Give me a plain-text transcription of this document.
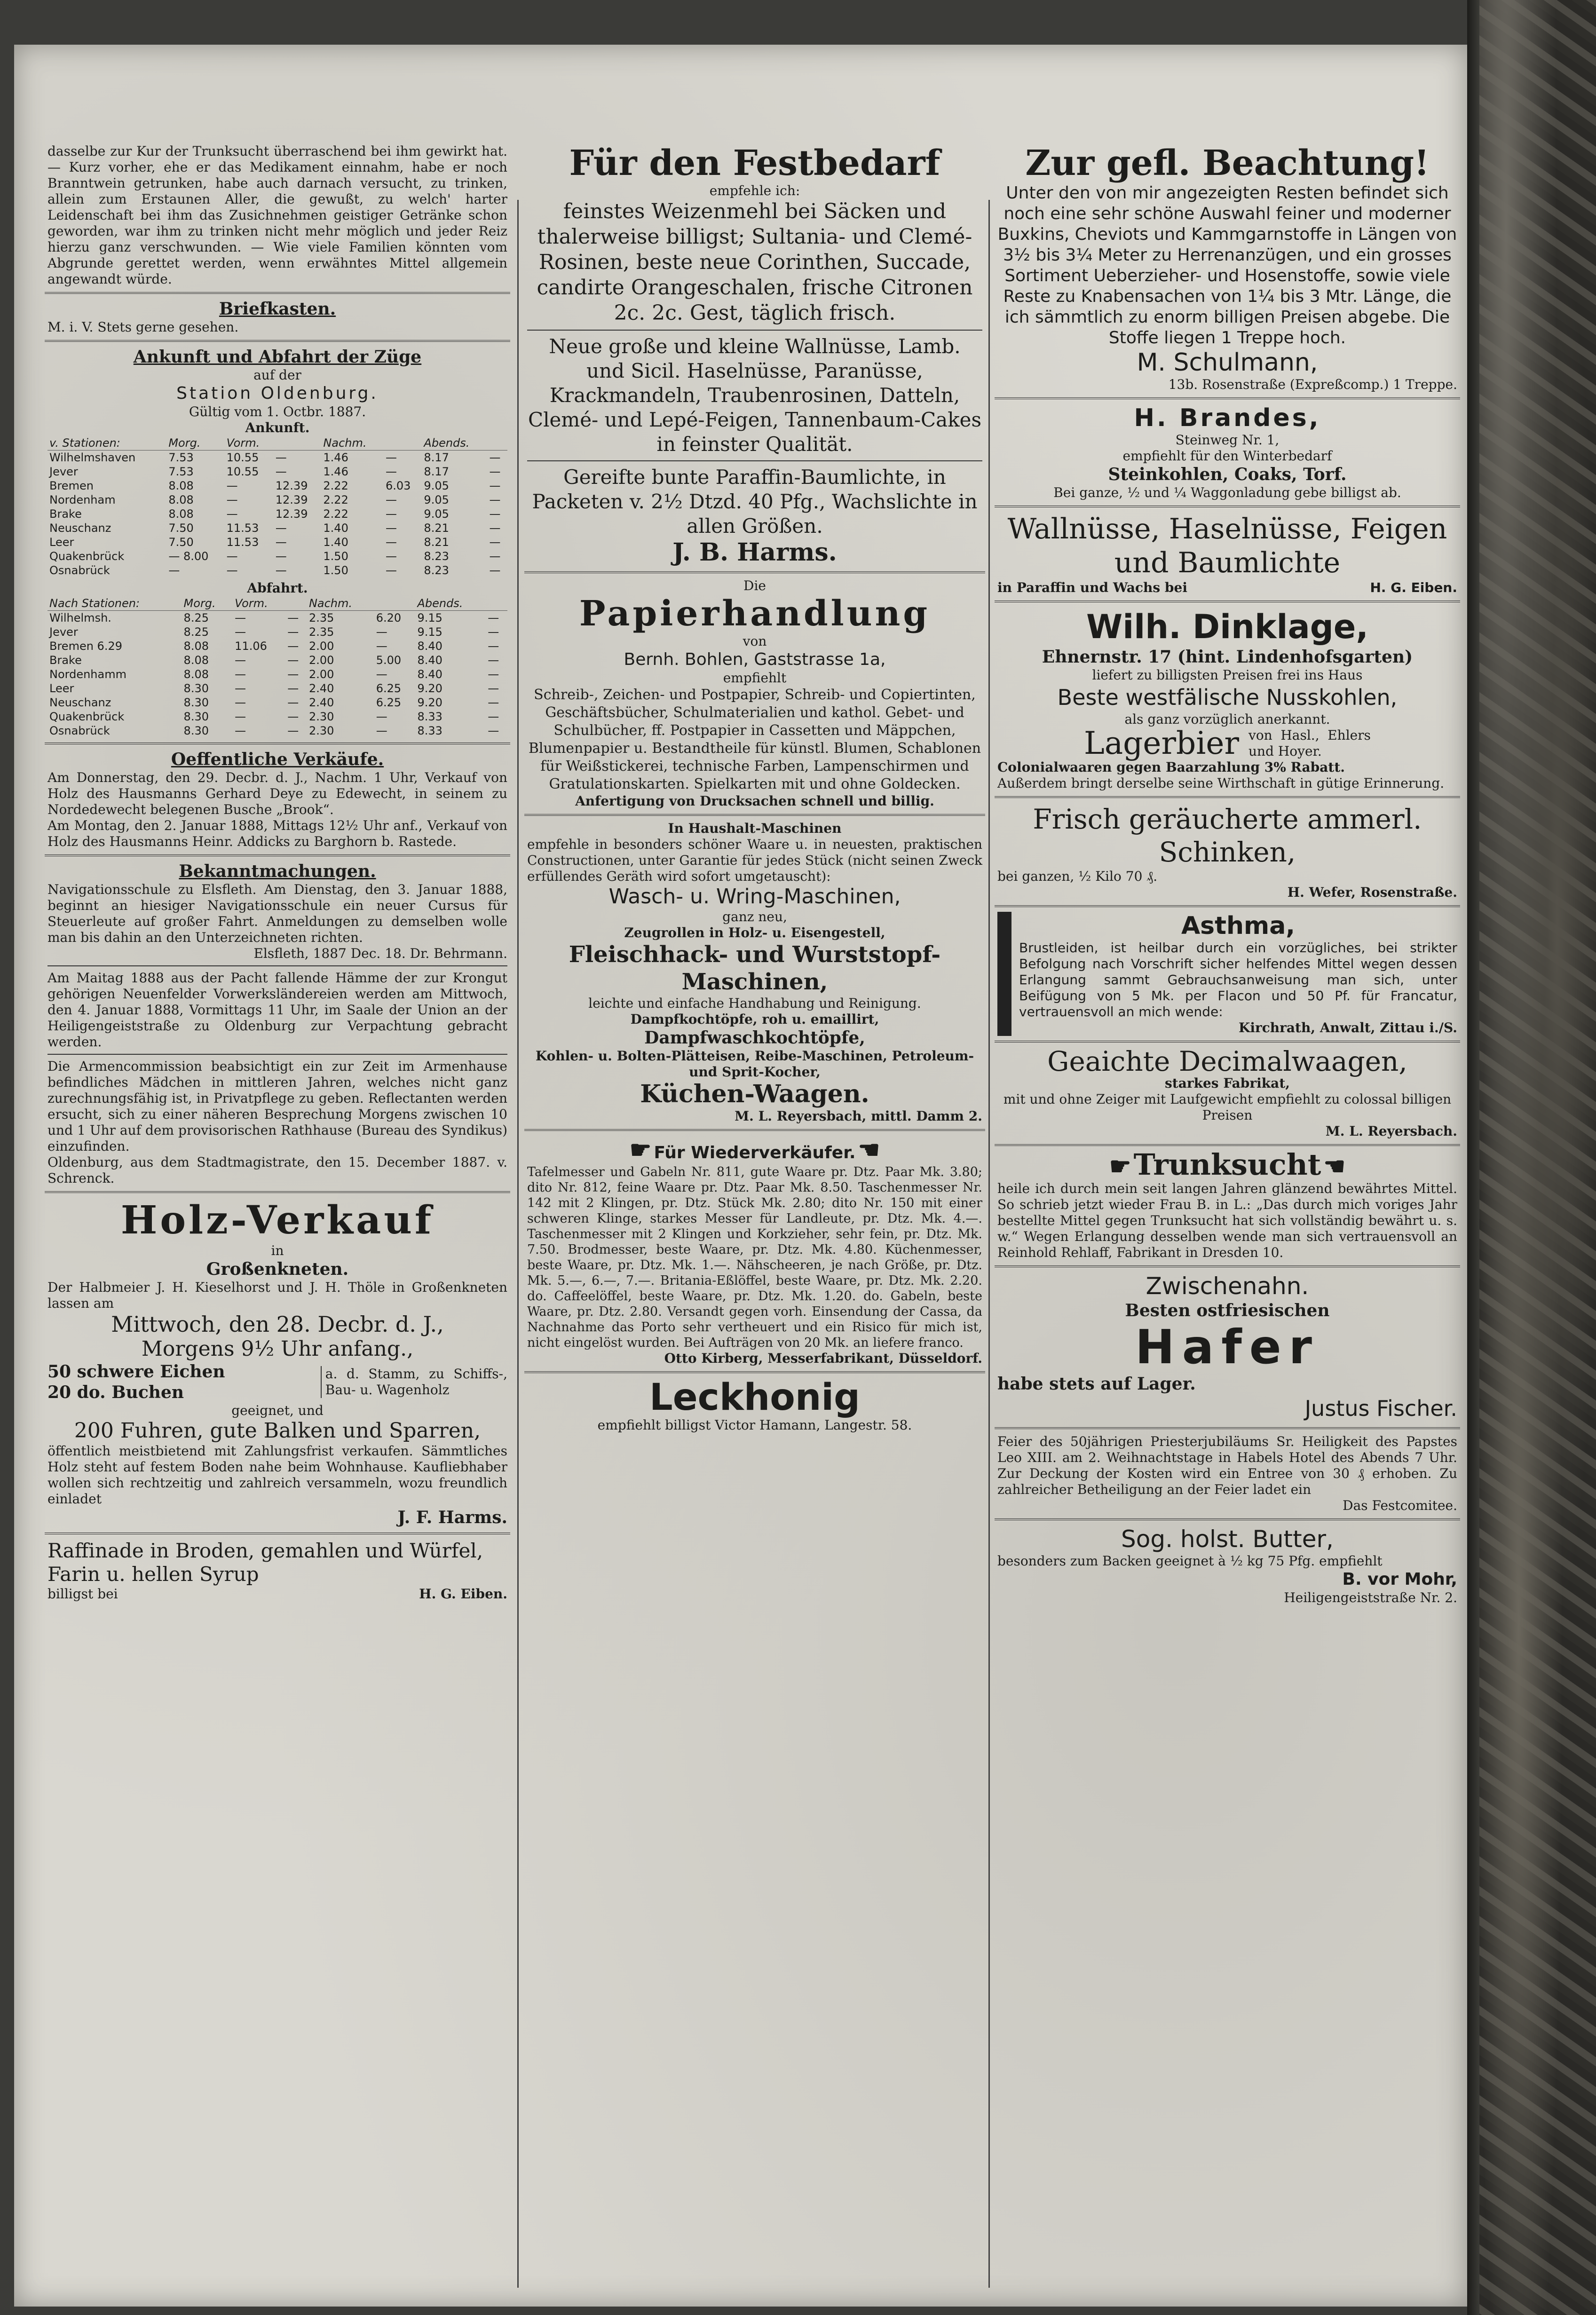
dasselbe zur Kur der Trunksucht überraschend bei ihm gewirkt hat. — Kurz vorher, ehe er das Medikament einnahm, habe er noch Branntwein getrunken, habe auch darnach versucht, zu trinken, allein zum Erstaunen Aller, die gewußt, zu welch' harter Leidenschaft bei ihm das Zusichnehmen geistiger Getränke schon geworden, war ihm zu trinken nicht mehr möglich und jeder Reiz hierzu ganz verschwunden. — Wie viele Familien könnten vom Abgrunde gerettet werden, wenn erwähntes Mittel allgemein angewandt würde.
Briefkasten.
M. i. V. Stets gerne gesehen.
Ankunft und Abfahrt der Züge
auf der
Station Oldenburg.
Gültig vom 1. Octbr. 1887.
Ankunft.
v. Stationen:	Morg.	Vorm.		Nachm.		Abends.	
Wilhelmshaven	7.53	10.55	—	1.46	—	8.17	—
Jever	7.53	10.55	—	1.46	—	8.17	—
Bremen	8.08	—	12.39	2.22	6.03	9.05	—
Nordenham	8.08	—	12.39	2.22	—	9.05	—
Brake	8.08	—	12.39	2.22	—	9.05	—
Neuschanz	7.50	11.53	—	1.40	—	8.21	—
Leer	7.50	11.53	—	1.40	—	8.21	—
Quakenbrück	— 8.00	—	—	1.50	—	8.23	—
Osnabrück	—	—	—	1.50	—	8.23	—
Abfahrt.
Nach Stationen:	Morg.	Vorm.		Nachm.		Abends.	
Wilhelmsh.	8.25	—	—	2.35	6.20	9.15	—
Jever	8.25	—	—	2.35	—	9.15	—
Bremen 6.29	8.08	11.06	—	2.00	—	8.40	—
Brake	8.08	—	—	2.00	5.00	8.40	—
Nordenhamm	8.08	—	—	2.00	—	8.40	—
Leer	8.30	—	—	2.40	6.25	9.20	—
Neuschanz	8.30	—	—	2.40	6.25	9.20	—
Quakenbrück	8.30	—	—	2.30	—	8.33	—
Osnabrück	8.30	—	—	2.30	—	8.33	—
Oeffentliche Verkäufe.
Am Donnerstag, den 29. Decbr. d. J., Nachm. 1 Uhr, Verkauf von Holz des Hausmanns Gerhard Deye zu Edewecht, in seinem zu Nordedewecht belegenen Busche „Brook“.
Am Montag, den 2. Januar 1888, Mittags 12½ Uhr anf., Verkauf von Holz des Hausmanns Heinr. Addicks zu Barghorn b. Rastede.
Bekanntmachungen.
Navigationsschule zu Elsfleth. Am Dienstag, den 3. Januar 1888, beginnt an hiesiger Navigationsschule ein neuer Cursus für Steuerleute auf großer Fahrt. Anmeldungen zu demselben wolle man bis dahin an den Unterzeichneten richten.
Elsfleth, 1887 Dec. 18. Dr. Behrmann.
Am Maitag 1888 aus der Pacht fallende Hämme der zur Krongut gehörigen Neuenfelder Vorwerksländereien werden am Mittwoch, den 4. Januar 1888, Vormittags 11 Uhr, im Saale der Union an der Heiligengeiststraße zu Oldenburg zur Verpachtung gebracht werden.
Die Armencommission beabsichtigt ein zur Zeit im Armenhause befindliches Mädchen in mittleren Jahren, welches nicht ganz zurechnungsfähig ist, in Privatpflege zu geben. Reflectanten werden ersucht, sich zu einer näheren Besprechung Morgens zwischen 10 und 1 Uhr auf dem provisorischen Rathhause (Bureau des Syndikus) einzufinden.
Oldenburg, aus dem Stadtmagistrate, den 15. December 1887. v. Schrenck.
Holz-Verkauf
in
Großenkneten.
Der Halbmeier J. H. Kieselhorst und J. H. Thöle in Großenkneten lassen am
Mittwoch, den 28. Decbr. d. J.,
Morgens 9½ Uhr anfang.,
50 schwere Eichen
20 do. Buchen
a. d. Stamm, zu Schiffs-, Bau- u. Wagenholz
geeignet, und
200 Fuhren, gute Balken und Sparren,
öffentlich meistbietend mit Zahlungsfrist verkaufen. Sämmtliches Holz steht auf festem Boden nahe beim Wohnhause. Kaufliebhaber wollen sich rechtzeitig und zahlreich versammeln, wozu freundlich einladet
J. F. Harms.
Raffinade in Broden, gemahlen und Würfel, Farin u. hellen Syrup
billigst bei	H. G. Eiben.
Für den Festbedarf
empfehle ich:
feinstes Weizenmehl bei Säcken und thalerweise billigst; Sultania- und Clemé-Rosinen, beste neue Corinthen, Succade, candirte Orangeschalen, frische Citronen 2c. 2c. Gest, täglich frisch.
Neue große und kleine Wallnüsse, Lamb. und Sicil. Haselnüsse, Paranüsse, Krackmandeln, Traubenrosinen, Datteln, Clemé- und Lepé-Feigen, Tannenbaum-Cakes in feinster Qualität.
Gereifte bunte Paraffin-Baumlichte, in Packeten v. 2½ Dtzd. 40 Pfg., Wachslichte in allen Größen.
J. B. Harms.
Die
Papierhandlung
von
Bernh. Bohlen, Gaststrasse 1a,
empfiehlt
Schreib-, Zeichen- und Postpapier, Schreib- und Copiertinten, Geschäftsbücher, Schulmaterialien und kathol. Gebet- und Schulbücher, ff. Postpapier in Cassetten und Mäppchen, Blumenpapier u. Bestandtheile für künstl. Blumen, Schablonen für Weißstickerei, technische Farben, Lampenschirmen und Gratulationskarten. Spielkarten mit und ohne Goldecken.
Anfertigung von Drucksachen schnell und billig.
In Haushalt-Maschinen
empfehle in besonders schöner Waare u. in neuesten, praktischen Constructionen, unter Garantie für jedes Stück (nicht seinen Zweck erfüllendes Geräth wird sofort umgetauscht):
Wasch- u. Wring-Maschinen,
ganz neu,
Zeugrollen in Holz- u. Eisengestell,
Fleischhack- und Wurststopf-Maschinen,
leichte und einfache Handhabung und Reinigung.
Dampfkochtöpfe, roh u. emaillirt,
Dampfwaschkochtöpfe,
Kohlen- u. Bolten-Plätteisen, Reibe-Maschinen, Petroleum- und Sprit-Kocher,
Küchen-Waagen.
M. L. Reyersbach, mittl. Damm 2.
☛ Für Wiederverkäufer. ☚
Tafelmesser und Gabeln Nr. 811, gute Waare pr. Dtz. Paar Mk. 3.80; dito Nr. 812, feine Waare pr. Dtz. Paar Mk. 8.50. Taschenmesser Nr. 142 mit 2 Klingen, pr. Dtz. Stück Mk. 2.80; dito Nr. 150 mit einer schweren Klinge, starkes Messer für Landleute, pr. Dtz. Mk. 4.—. Taschenmesser mit 2 Klingen und Korkzieher, sehr fein, pr. Dtz. Mk. 7.50. Brodmesser, beste Waare, pr. Dtz. Mk. 4.80. Küchenmesser, beste Waare, pr. Dtz. Mk. 1.—. Nähscheeren, je nach Größe, pr. Dtz. Mk. 5.—, 6.—, 7.—. Britania-Eßlöffel, beste Waare, pr. Dtz. Mk. 2.20. do. Caffeelöffel, beste Waare, pr. Dtz. Mk. 1.20. do. Gabeln, beste Waare, pr. Dtz. 2.80. Versandt gegen vorh. Einsendung der Cassa, da Nachnahme das Porto sehr vertheuert und ein Risico für mich ist, nicht eingelöst wurden. Bei Aufträgen von 20 Mk. an liefere franco.
Otto Kirberg, Messerfabrikant, Düsseldorf.
Leckhonig
empfiehlt billigst Victor Hamann, Langestr. 58.
Zur gefl. Beachtung!
Unter den von mir angezeigten Resten befindet sich noch eine sehr schöne Auswahl feiner und moderner Buxkins, Cheviots und Kammgarnstoffe in Längen von 3½ bis 3¼ Meter zu Herrenanzügen, und ein grosses Sortiment Ueberzieher- und Hosenstoffe, sowie viele Reste zu Knabensachen von 1¼ bis 3 Mtr. Länge, die ich sämmtlich zu enorm billigen Preisen abgebe. Die Stoffe liegen 1 Treppe hoch.
M. Schulmann,
13b. Rosenstraße (Expreßcomp.) 1 Treppe.
H. Brandes,
Steinweg Nr. 1,
empfiehlt für den Winterbedarf
Steinkohlen, Coaks, Torf.
Bei ganze, ½ und ¼ Waggonladung gebe billigst ab.
Wallnüsse, Haselnüsse, Feigen und Baumlichte
in Paraffin und Wachs bei	H. G. Eiben.
Wilh. Dinklage,
Ehnernstr. 17 (hint. Lindenhofsgarten)
liefert zu billigsten Preisen frei ins Haus
Beste westfälische Nusskohlen,
als ganz vorzüglich anerkannt.
Lagerbier von Hasl., Ehlers und Hoyer.
Colonialwaaren gegen Baarzahlung 3% Rabatt.
Außerdem bringt derselbe seine Wirthschaft in gütige Erinnerung.
Frisch geräucherte ammerl. Schinken,
bei ganzen, ½ Kilo 70 ₰.
H. Wefer, Rosenstraße.
Asthma,
Brustleiden, ist heilbar durch ein vorzügliches, bei strikter Befolgung nach Vorschrift sicher helfendes Mittel wegen dessen Erlangung sammt Gebrauchsanweisung man sich, unter Beifügung von 5 Mk. per Flacon und 50 Pf. für Francatur, vertrauensvoll an mich wende:
Kirchrath, Anwalt, Zittau i./S.
Geaichte Decimalwaagen,
starkes Fabrikat,
mit und ohne Zeiger mit Laufgewicht empfiehlt zu colossal billigen Preisen
M. L. Reyersbach.
☛ Trunksucht ☚
heile ich durch mein seit langen Jahren glänzend bewährtes Mittel. So schrieb jetzt wieder Frau B. in L.: „Das durch mich voriges Jahr bestellte Mittel gegen Trunksucht hat sich vollständig bewährt u. s. w.“ Wegen Erlangung desselben wende man sich vertrauensvoll an Reinhold Rehlaff, Fabrikant in Dresden 10.
Zwischenahn.
Besten ostfriesischen
Hafer
habe stets auf Lager.
Justus Fischer.
Feier des 50jährigen Priesterjubiläums Sr. Heiligkeit des Papstes Leo XIII. am 2. Weihnachtstage in Habels Hotel des Abends 7 Uhr. Zur Deckung der Kosten wird ein Entree von 30 ₰ erhoben. Zu zahlreicher Betheiligung an der Feier ladet ein
Das Festcomitee.
Sog. holst. Butter,
besonders zum Backen geeignet à ½ kg 75 Pfg. empfiehlt
B. vor Mohr,
Heiligengeiststraße Nr. 2.
